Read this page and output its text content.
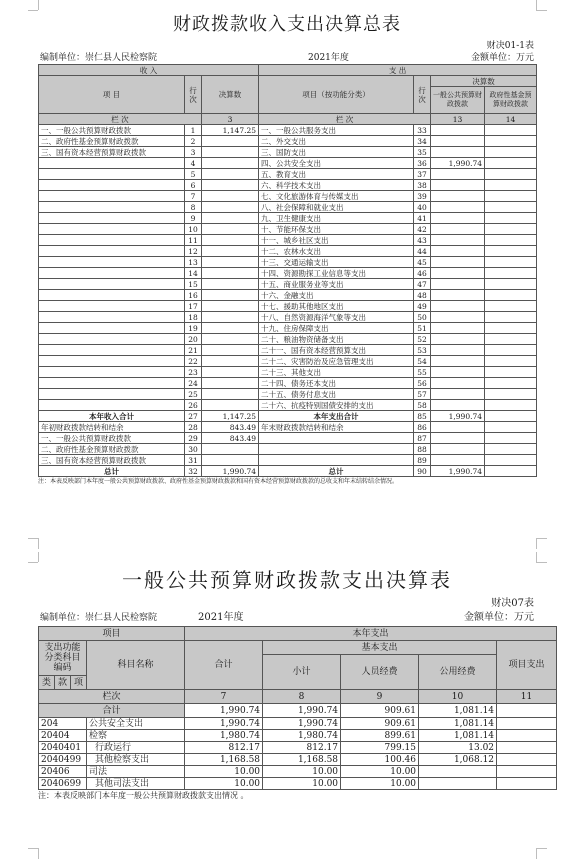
财政拨款收入支出决算总表
财决01-1表
编制单位：崇仁县人民检察院	2021年度	金额单位：万元
收 入			支 出			
项 目	行次	决算数	项目（按功能分类）	行次	决算数	
					一般公共预算财政拨款	政府性基金预算财政拨款
栏 次		3	栏 次		13	14
一、一般公共预算财政拨款	1	1,147.25	一、一般公共服务支出	33		
二、政府性基金预算财政拨款	2		二、外交支出	34		
三、国有资本经营预算财政拨款	3		三、国防支出	35		
	4		四、公共安全支出	36	1,990.74	
	5		五、教育支出	37		
	6		六、科学技术支出	38		
	7		七、文化旅游体育与传媒支出	39		
	8		八、社会保障和就业支出	40		
	9		九、卫生健康支出	41		
	10		十、节能环保支出	42		
	11		十一、城乡社区支出	43		
	12		十二、农林水支出	44		
	13		十三、交通运输支出	45		
	14		十四、资源勘探工业信息等支出	46		
	15		十五、商业服务业等支出	47		
	16		十六、金融支出	48		
	17		十七、援助其他地区支出	49		
	18		十八、自然资源海洋气象等支出	50		
	19		十九、住房保障支出	51		
	20		二十、粮油物资储备支出	52		
	21		二十一、国有资本经营预算支出	53		
	22		二十二、灾害防治及应急管理支出	54		
	23		二十三、其他支出	55		
	24		二十四、债务还本支出	56		
	25		二十五、债务付息支出	57		
	26		二十六、抗疫特别国债安排的支出	58		
本年收入合计	27	1,147.25	本年支出合计	85	1,990.74	
年初财政拨款结转和结余	28	843.49	年末财政拨款结转和结余	86		
一、一般公共预算财政拨款	29	843.49		87		
二、政府性基金预算财政拨款	30			88		
三、国有资本经营预算财政拨款	31			89		
总计	32	1,990.74	总计	90	1,990.74	
注：本表反映部门本年度一般公共预算财政拨款、政府性基金预算财政拨款和国有资本经营预算财政拨款的总收支和年末结转结余情况。
一般公共预算财政拨款支出决算表
财决07表
编制单位：崇仁县人民检察院	2021年度	金额单位：万元
项目				本年支出				
支出功能分类科目编码			科目名称	合计	基本支出			项目支出
					小计	人员经费	公用经费	
类	款	项						
栏次				7	8	9	10	11
合计				1,990.74	1,990.74	909.61	1,081.14	
204			公共安全支出	1,990.74	1,990.74	909.61	1,081.14	
20404			检察	1,980.74	1,980.74	899.61	1,081.14	
2040401			行政运行	812.17	812.17	799.15	13.02	
2040499			其他检察支出	1,168.58	1,168.58	100.46	1,068.12	
20406			司法	10.00	10.00	10.00		
2040699			其他司法支出	10.00	10.00	10.00		
注：本表反映部门本年度一般公共预算财政拨款支出情况 。
